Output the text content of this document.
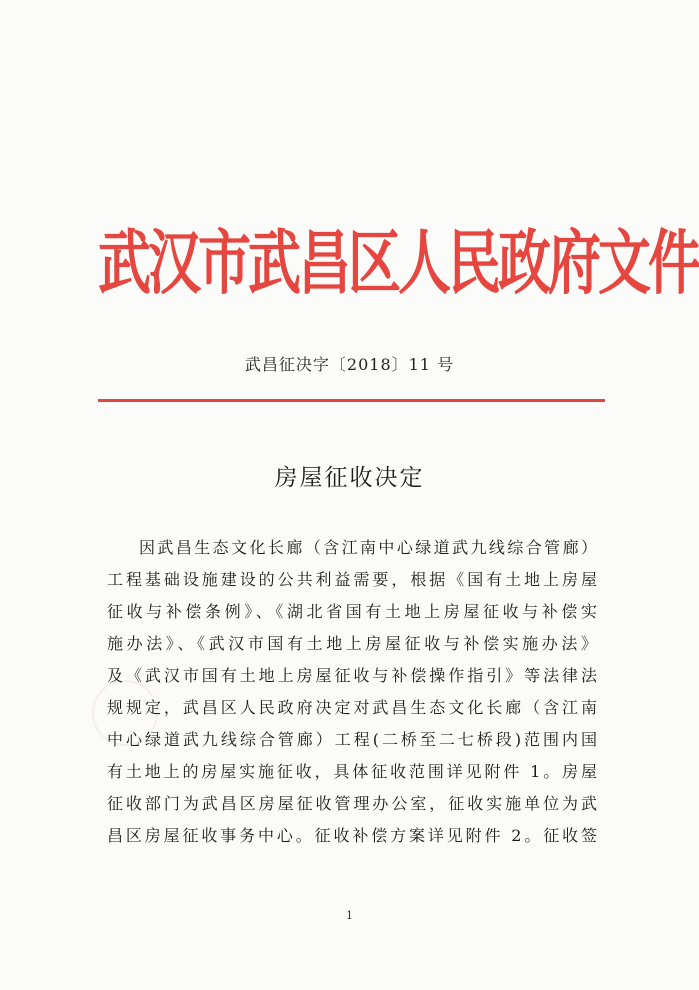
武汉市武昌区人民政府文件
武昌征决字〔2018〕11 号
房屋征收决定
因武昌生态文化长廊（含江南中心绿道武九线综合管廊）
工程基础设施建设的公共利益需要，根据《国有土地上房屋
征收与补偿条例》、《湖北省国有土地上房屋征收与补偿实
施办法》、《武汉市国有土地上房屋征收与补偿实施办法》
及《武汉市国有土地上房屋征收与补偿操作指引》等法律法
规规定，武昌区人民政府决定对武昌生态文化长廊（含江南
中心绿道武九线综合管廊）工程(二桥至二七桥段)范围内国
有土地上的房屋实施征收，具体征收范围详见附件 1。房屋
征收部门为武昌区房屋征收管理办公室，征收实施单位为武
昌区房屋征收事务中心。征收补偿方案详见附件 2。征收签
1
